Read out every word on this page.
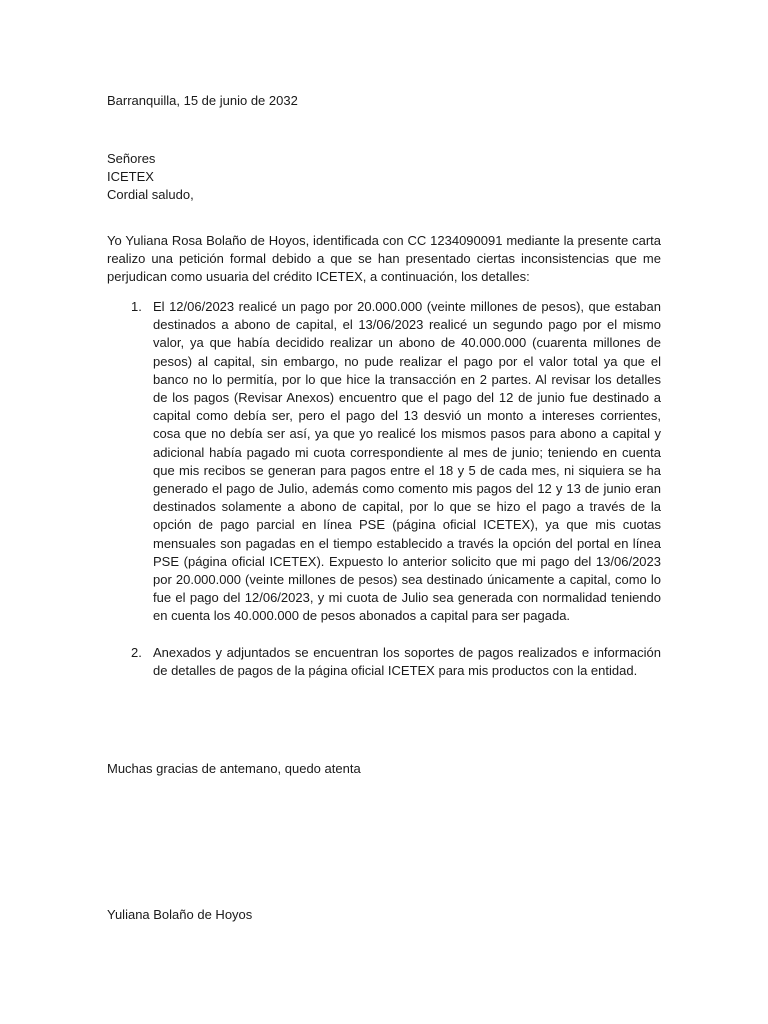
Barranquilla, 15 de junio de 2032

Señores
ICETEX
Cordial saludo,

Yo Yuliana Rosa Bolaño de Hoyos, identificada con CC 1234090091 mediante la presente carta realizo una petición formal debido a que se han presentado ciertas inconsistencias que me perjudican como usuaria del crédito ICETEX, a continuación, los detalles:

1. El 12/06/2023 realicé un pago por 20.000.000 (veinte millones de pesos), que estaban destinados a abono de capital, el 13/06/2023 realicé un segundo pago por el mismo valor, ya que había decidido realizar un abono de 40.000.000 (cuarenta millones de pesos) al capital, sin embargo, no pude realizar el pago por el valor total ya que el banco no lo permitía, por lo que hice la transacción en 2 partes. Al revisar los detalles de los pagos (Revisar Anexos) encuentro que el pago del 12 de junio fue destinado a capital como debía ser, pero el pago del 13 desvió un monto a intereses corrientes, cosa que no debía ser así, ya que yo realicé los mismos pasos para abono a capital y adicional había pagado mi cuota correspondiente al mes de junio; teniendo en cuenta que mis recibos se generan para pagos entre el 18 y 5 de cada mes, ni siquiera se ha generado el pago de Julio, además como comento mis pagos del 12 y 13 de junio eran destinados solamente a abono de capital, por lo que se hizo el pago a través de la opción de pago parcial en línea PSE (página oficial ICETEX), ya que mis cuotas mensuales son pagadas en el tiempo establecido a través la opción del portal en línea PSE (página oficial ICETEX). Expuesto lo anterior solicito que mi pago del 13/06/2023 por 20.000.000 (veinte millones de pesos) sea destinado únicamente a capital, como lo fue el pago del 12/06/2023, y mi cuota de Julio sea generada con normalidad teniendo en cuenta los 40.000.000 de pesos abonados a capital para ser pagada.
2. Anexados y adjuntados se encuentran los soportes de pagos realizados e información de detalles de pagos de la página oficial ICETEX para mis productos con la entidad.

Muchas gracias de antemano, quedo atenta

Yuliana Bolaño de Hoyos
